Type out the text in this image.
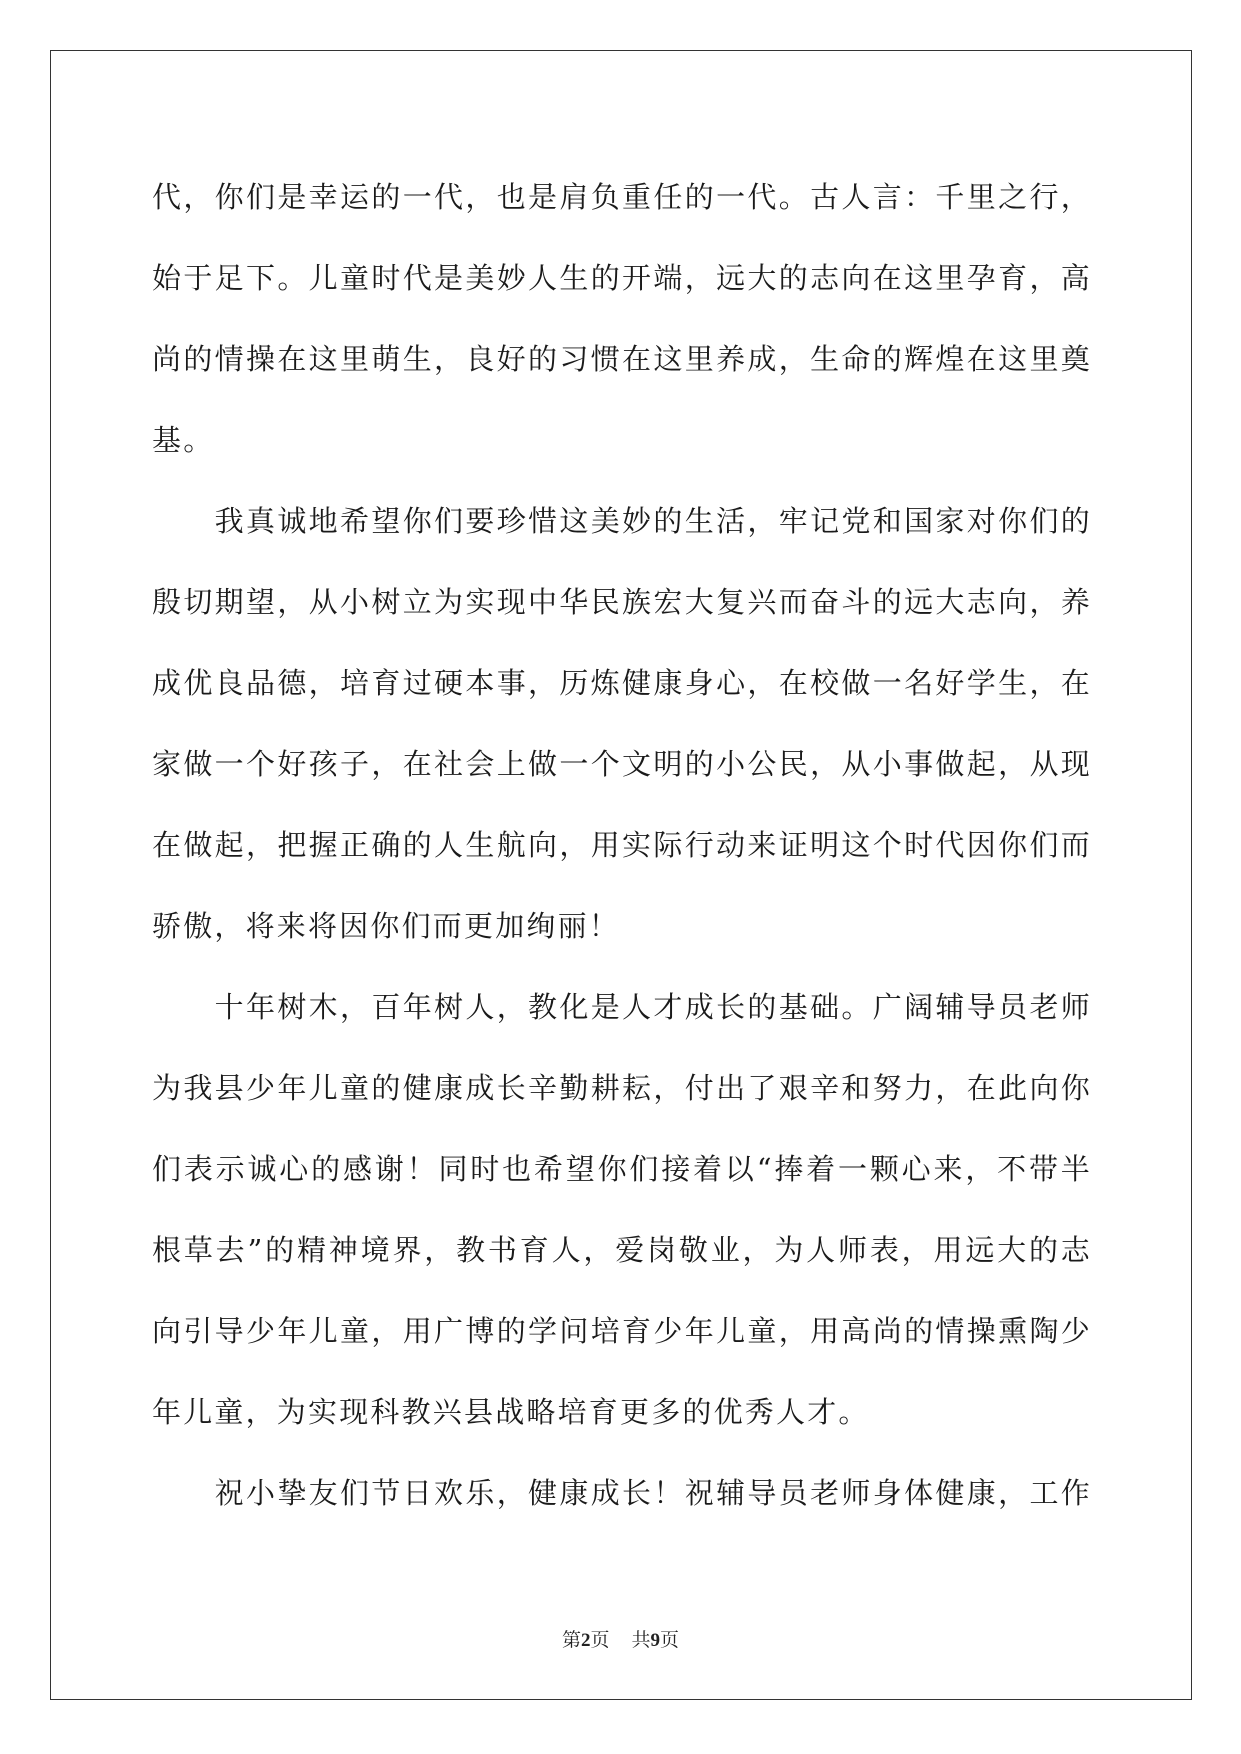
代，你们是幸运的一代，也是肩负重任的一代。古人言：千里之行，
始于足下。儿童时代是美妙人生的开端，远大的志向在这里孕育，高
尚的情操在这里萌生，良好的习惯在这里养成，生命的辉煌在这里奠
基。
　　我真诚地希望你们要珍惜这美妙的生活，牢记党和国家对你们的
殷切期望，从小树立为实现中华民族宏大复兴而奋斗的远大志向，养
成优良品德，培育过硬本事，历炼健康身心，在校做一名好学生，在
家做一个好孩子，在社会上做一个文明的小公民，从小事做起，从现
在做起，把握正确的人生航向，用实际行动来证明这个时代因你们而
骄傲，将来将因你们而更加绚丽！
　　十年树木，百年树人，教化是人才成长的基础。广阔辅导员老师
为我县少年儿童的健康成长辛勤耕耘，付出了艰辛和努力，在此向你
们表示诚心的感谢！同时也希望你们接着以“捧着一颗心来，不带半
根草去”的精神境界，教书育人，爱岗敬业，为人师表，用远大的志
向引导少年儿童，用广博的学问培育少年儿童，用高尚的情操熏陶少
年儿童，为实现科教兴县战略培育更多的优秀人才。
　　祝小挚友们节日欢乐，健康成长！祝辅导员老师身体健康，工作
第2页 共9页
